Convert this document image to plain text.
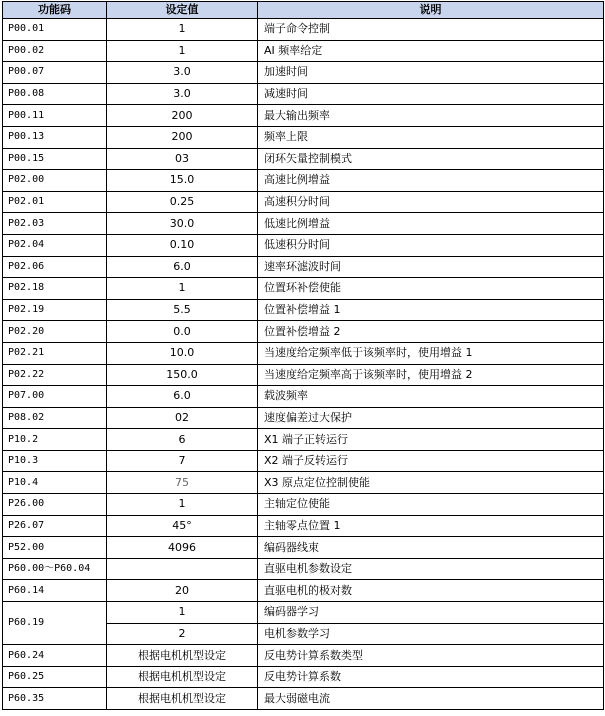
功能码	设定值	说明
P00.01	1	端子命令控制
P00.02	1	AI 频率给定
P00.07	3.0	加速时间
P00.08	3.0	减速时间
P00.11	200	最大输出频率
P00.13	200	频率上限
P00.15	03	闭环矢量控制模式
P02.00	15.0	高速比例增益
P02.01	0.25	高速积分时间
P02.03	30.0	低速比例增益
P02.04	0.10	低速积分时间
P02.06	6.0	速率环滤波时间
P02.18	1	位置环补偿使能
P02.19	5.5	位置补偿增益 1
P02.20	0.0	位置补偿增益 2
P02.21	10.0	当速度给定频率低于该频率时，使用增益 1
P02.22	150.0	当速度给定频率高于该频率时，使用增益 2
P07.00	6.0	载波频率
P08.02	02	速度偏差过大保护
P10.2	6	X1 端子正转运行
P10.3	7	X2 端子反转运行
P10.4	75	X3 原点定位控制使能
P26.00	1	主轴定位使能
P26.07	45°	主轴零点位置 1
P52.00	4096	编码器线束
P60.00～P60.04		直驱电机参数设定
P60.14	20	直驱电机的极对数
P60.19	1	编码器学习
	2	电机参数学习
P60.24	根据电机机型设定	反电势计算系数类型
P60.25	根据电机机型设定	反电势计算系数
P60.35	根据电机机型设定	最大弱磁电流
